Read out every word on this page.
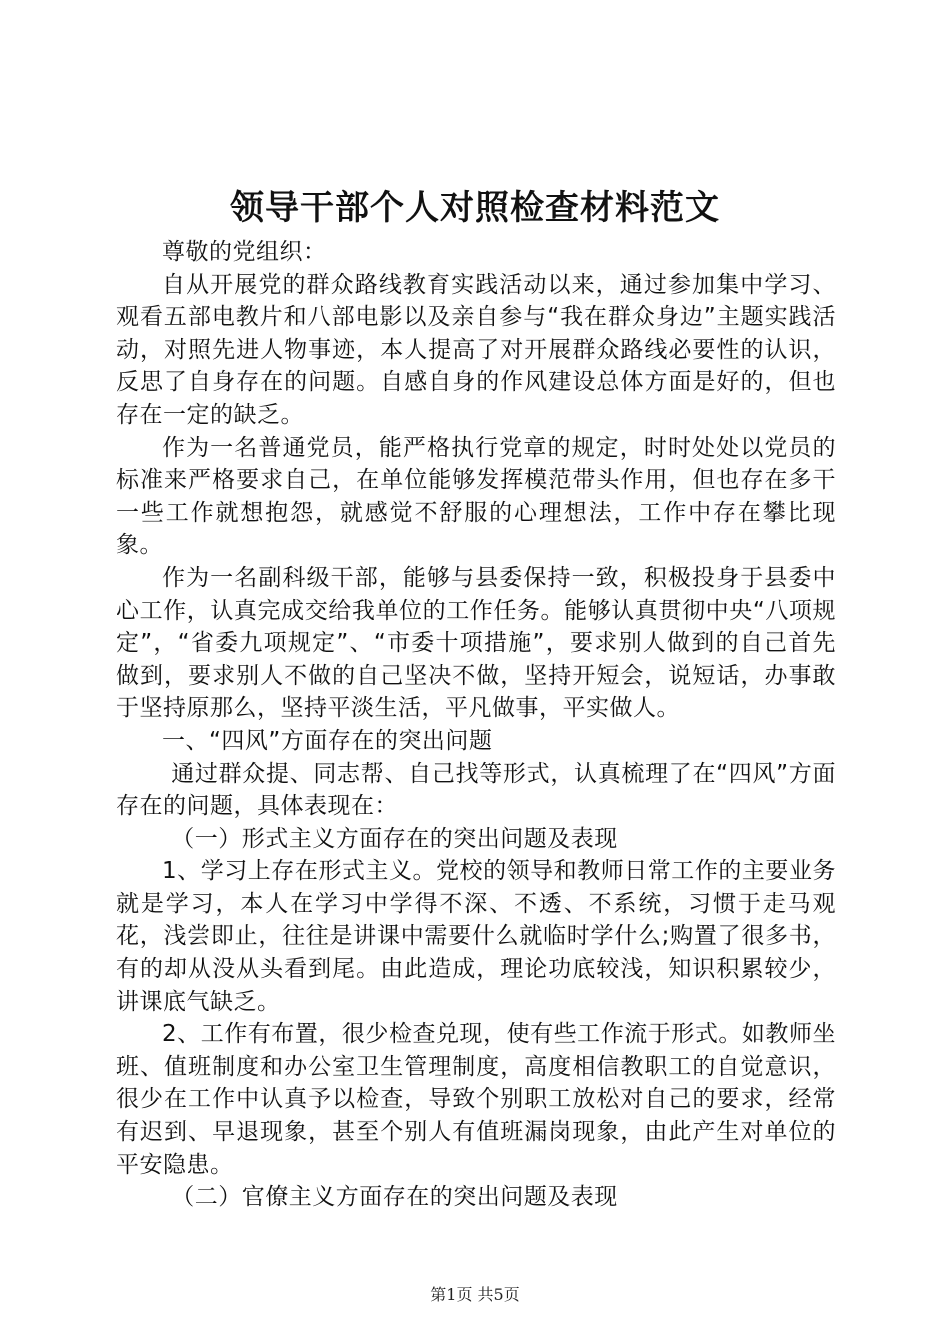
领导干部个人对照检查材料范文

尊敬的党组织：

自从开展党的群众路线教育实践活动以来，通过参加集中学习、观看五部电教片和八部电影以及亲自参与“我在群众身边”主题实践活动，对照先进人物事迹，本人提高了对开展群众路线必要性的认识，反思了自身存在的问题。自感自身的作风建设总体方面是好的，但也存在一定的缺乏。

作为一名普通党员，能严格执行党章的规定，时时处处以党员的标准来严格要求自己，在单位能够发挥模范带头作用，但也存在多干一些工作就想抱怨，就感觉不舒服的心理想法，工作中存在攀比现象。

作为一名副科级干部，能够与县委保持一致，积极投身于县委中心工作，认真完成交给我单位的工作任务。能够认真贯彻中央“八项规定”，“省委九项规定”、“市委十项措施”，要求别人做到的自己首先做到，要求别人不做的自己坚决不做，坚持开短会，说短话，办事敢于坚持原那么，坚持平淡生活，平凡做事，平实做人。

一、“四风”方面存在的突出问题

通过群众提、同志帮、自己找等形式，认真梳理了在“四风”方面存在的问题，具体表现在：

（一）形式主义方面存在的突出问题及表现

1、学习上存在形式主义。党校的领导和教师日常工作的主要业务就是学习，本人在学习中学得不深、不透、不系统，习惯于走马观花，浅尝即止，往往是讲课中需要什么就临时学什么;购置了很多书，有的却从没从头看到尾。由此造成，理论功底较浅，知识积累较少，讲课底气缺乏。

2、工作有布置，很少检查兑现，使有些工作流于形式。如教师坐班、值班制度和办公室卫生管理制度，高度相信教职工的自觉意识，很少在工作中认真予以检查，导致个别职工放松对自己的要求，经常有迟到、早退现象，甚至个别人有值班漏岗现象，由此产生对单位的平安隐患。

（二）官僚主义方面存在的突出问题及表现

第1页 共5页
